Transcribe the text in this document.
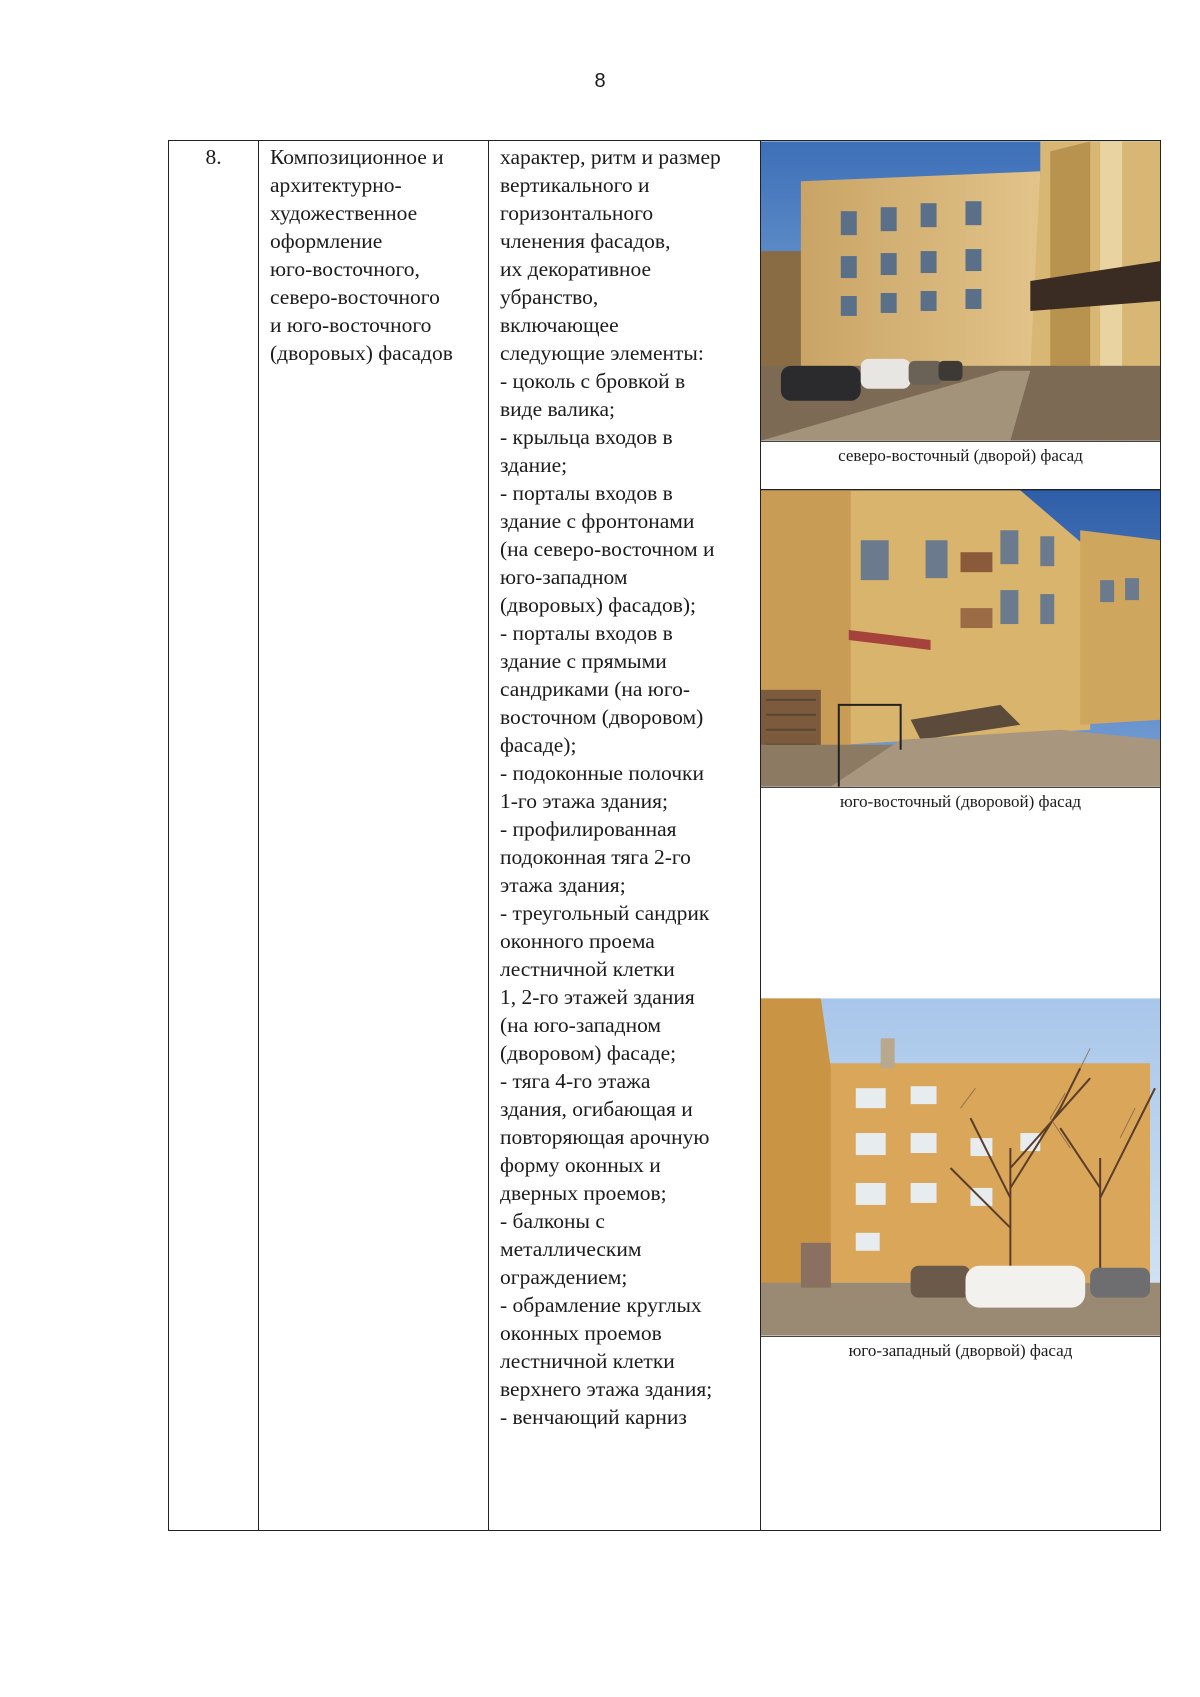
8
8.	Композиционное и
архитектурно-
художественное
оформление
юго-восточного,
северо-восточного
и юго-восточного
(дворовых) фасадов
характер, ритм и размер
вертикального и
горизонтального
членения фасадов,
их декоративное
убранство,
включающее
следующие элементы:
- цоколь с бровкой в
виде валика;
- крыльца входов в
здание;
- порталы входов в
здание с фронтонами
(на северо-восточном и
юго-западном
(дворовых) фасадов);
- порталы входов в
здание с прямыми
сандриками (на юго-
восточном (дворовом)
фасаде);
- подоконные полочки
1-го этажа здания;
- профилированная
подоконная тяга 2-го
этажа здания;
- треугольный сандрик
оконного проема
лестничной клетки
1, 2-го этажей здания
(на юго-западном
(дворовом) фасаде;
- тяга 4-го этажа
здания, огибающая и
повторяющая арочную
форму оконных и
дверных проемов;
- балконы с
металлическим
ограждением;
- обрамление круглых
оконных проемов
лестничной клетки
верхнего этажа здания;
- венчающий карниз
северо-восточный (дворой) фасад
юго-восточный (дворовой) фасад
юго-западный (дворвой) фасад
